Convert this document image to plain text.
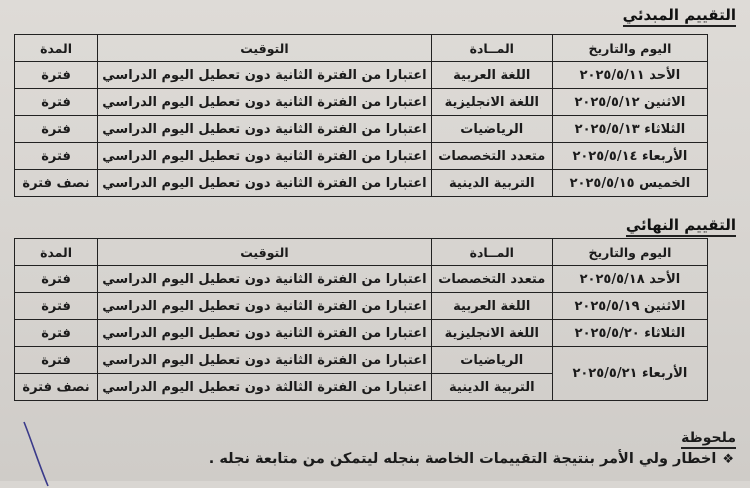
التقييم المبدئي
اليوم والتاريخ	المــادة	التوقيت	المدة
الأحد ٢٠٢٥/٥/١١	اللغة العربية	اعتبارا من الفترة الثانية دون تعطيل اليوم الدراسي	فترة
الاثنين ٢٠٢٥/٥/١٢	اللغة الانجليزية	اعتبارا من الفترة الثانية دون تعطيل اليوم الدراسي	فترة
الثلاثاء ٢٠٢٥/٥/١٣	الرياضيات	اعتبارا من الفترة الثانية دون تعطيل اليوم الدراسي	فترة
الأربعاء ٢٠٢٥/٥/١٤	متعدد التخصصات	اعتبارا من الفترة الثانية دون تعطيل اليوم الدراسي	فترة
الخميس ٢٠٢٥/٥/١٥	التربية الدينية	اعتبارا من الفترة الثانية دون تعطيل اليوم الدراسي	نصف فترة
التقييم النهائي
اليوم والتاريخ	المــادة	التوقيت	المدة
الأحد ٢٠٢٥/٥/١٨	متعدد التخصصات	اعتبارا من الفترة الثانية دون تعطيل اليوم الدراسي	فترة
الاثنين ٢٠٢٥/٥/١٩	اللغة العربية	اعتبارا من الفترة الثانية دون تعطيل اليوم الدراسي	فترة
الثلاثاء ٢٠٢٥/٥/٢٠	اللغة الانجليزية	اعتبارا من الفترة الثانية دون تعطيل اليوم الدراسي	فترة
الأربعاء ٢٠٢٥/٥/٢١	الرياضيات	اعتبارا من الفترة الثانية دون تعطيل اليوم الدراسي	فترة
	التربية الدينية	اعتبارا من الفترة الثالثة دون تعطيل اليوم الدراسي	نصف فترة
ملحوظة
❖اخطار ولي الأمر بنتيجة التقييمات الخاصة بنجله ليتمكن من متابعة نجله .
